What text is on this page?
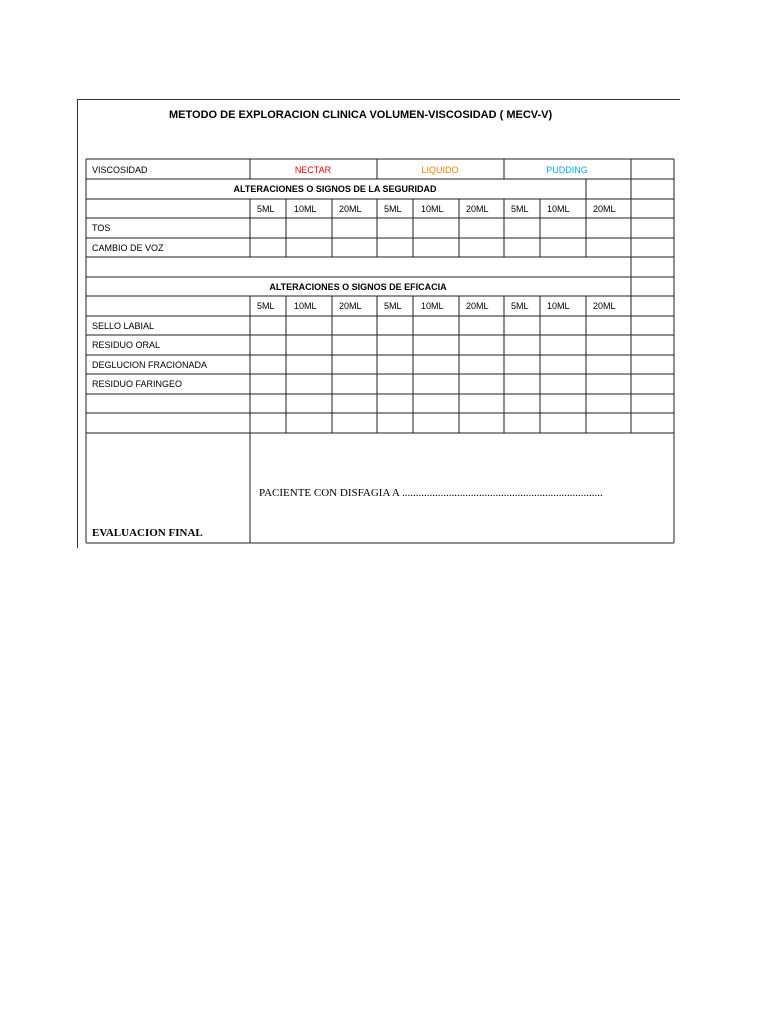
METODO DE EXPLORACION CLINICA VOLUMEN-VISCOSIDAD ( MECV-V)
VISCOSIDAD	NECTAR	LIQUIDO	PUDDING
ALTERACIONES O SIGNOS DE LA SEGURIDAD
5ML 10ML 20ML 5ML 10ML 20ML 5ML 10ML	20ML
TOS
CAMBIO DE VOZ
ALTERACIONES O SIGNOS DE EFICACIA
5ML 10ML 20ML 5ML 10ML 20ML 5ML 10ML	20ML
SELLO LABIAL
RESIDUO ORAL
DEGLUCION FRACIONADA
RESIDUO FARINGEO
PACIENTE CON DISFAGIA A .........................................................................
EVALUACION FINAL
